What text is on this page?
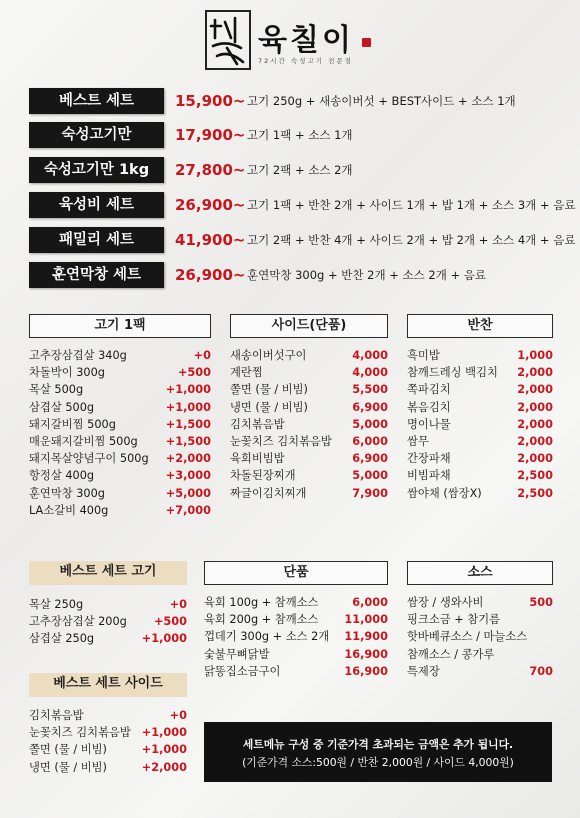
육칠이
72시간 숙성고기 전문점
베스트 세트	15,900~ 고기 250g + 새송이버섯 + BEST사이드 + 소스 1개
숙성고기만	17,900~ 고기 1팩 + 소스 1개
숙성고기만 1kg	27,800~ 고기 2팩 + 소스 2개
육성비 세트	26,900~ 고기 1팩 + 반찬 2개 + 사이드 1개 + 밥 1개 + 소스 3개 + 음료
패밀리 세트	41,900~ 고기 2팩 + 반찬 4개 + 사이드 2개 + 밥 2개 + 소스 4개 + 음료
훈연막창 세트	26,900~ 훈연막창 300g + 반찬 2개 + 소스 2개 + 음료
고기 1팩	사이드(단품)	반찬
고추장삼겹살 340g	+0
차돌박이 300g	+500
목살 500g	+1,000
삼겹살 500g	+1,000
돼지갈비찜 500g	+1,500
매운돼지갈비찜 500g +1,500
돼지목살양념구이 500g +2,000
항정살 400g	+3,000
훈연막창 300g	+5,000
LA소갈비 400g	+7,000
새송이버섯구이	4,000
계란찜	4,000
쫄면 (물 / 비빔)	5,500
냉면 (물 / 비빔)	6,900
김치볶음밥	5,000
눈꽃치즈 김치볶음밥 6,000
육회비빔밥	6,900
차돌된장찌개	5,000
짜글이김치찌개	7,900
흑미밥	1,000
참깨드레싱 백김치 2,000
쪽파김치	2,000
볶음김치	2,000
명이나물	2,000
쌈무	2,000
간장파채	2,000
비빔파채	2,500
쌈야채 (쌈장X)	2,500
베스트 세트 고기
목살 250g	+0
고추장삼겹살 200g +500
삼겹살 250g	+1,000
베스트 세트 사이드
김치볶음밥	+0
눈꽃치즈 김치볶음밥 +1,000
쫄면 (물 / 비빔)	+1,000
냉면 (물 / 비빔)	+2,000
단품
육회 100g + 참깨소스	6,000
육회 200g + 참깨소스 11,000
껍데기 300g + 소스 2개 11,900
숯불무뼈닭발	16,900
닭똥집소금구이	16,900
소스
쌈장 / 생와사비	500
핑크소금 + 참기름
핫바베큐소스 / 마늘소스
참깨소스 / 콩가루
특제장	700
세트메뉴 구성 중 기준가격 초과되는 금액은 추가 됩니다.
(기준가격 소스:500원 / 반찬 2,000원 / 사이드 4,000원)
